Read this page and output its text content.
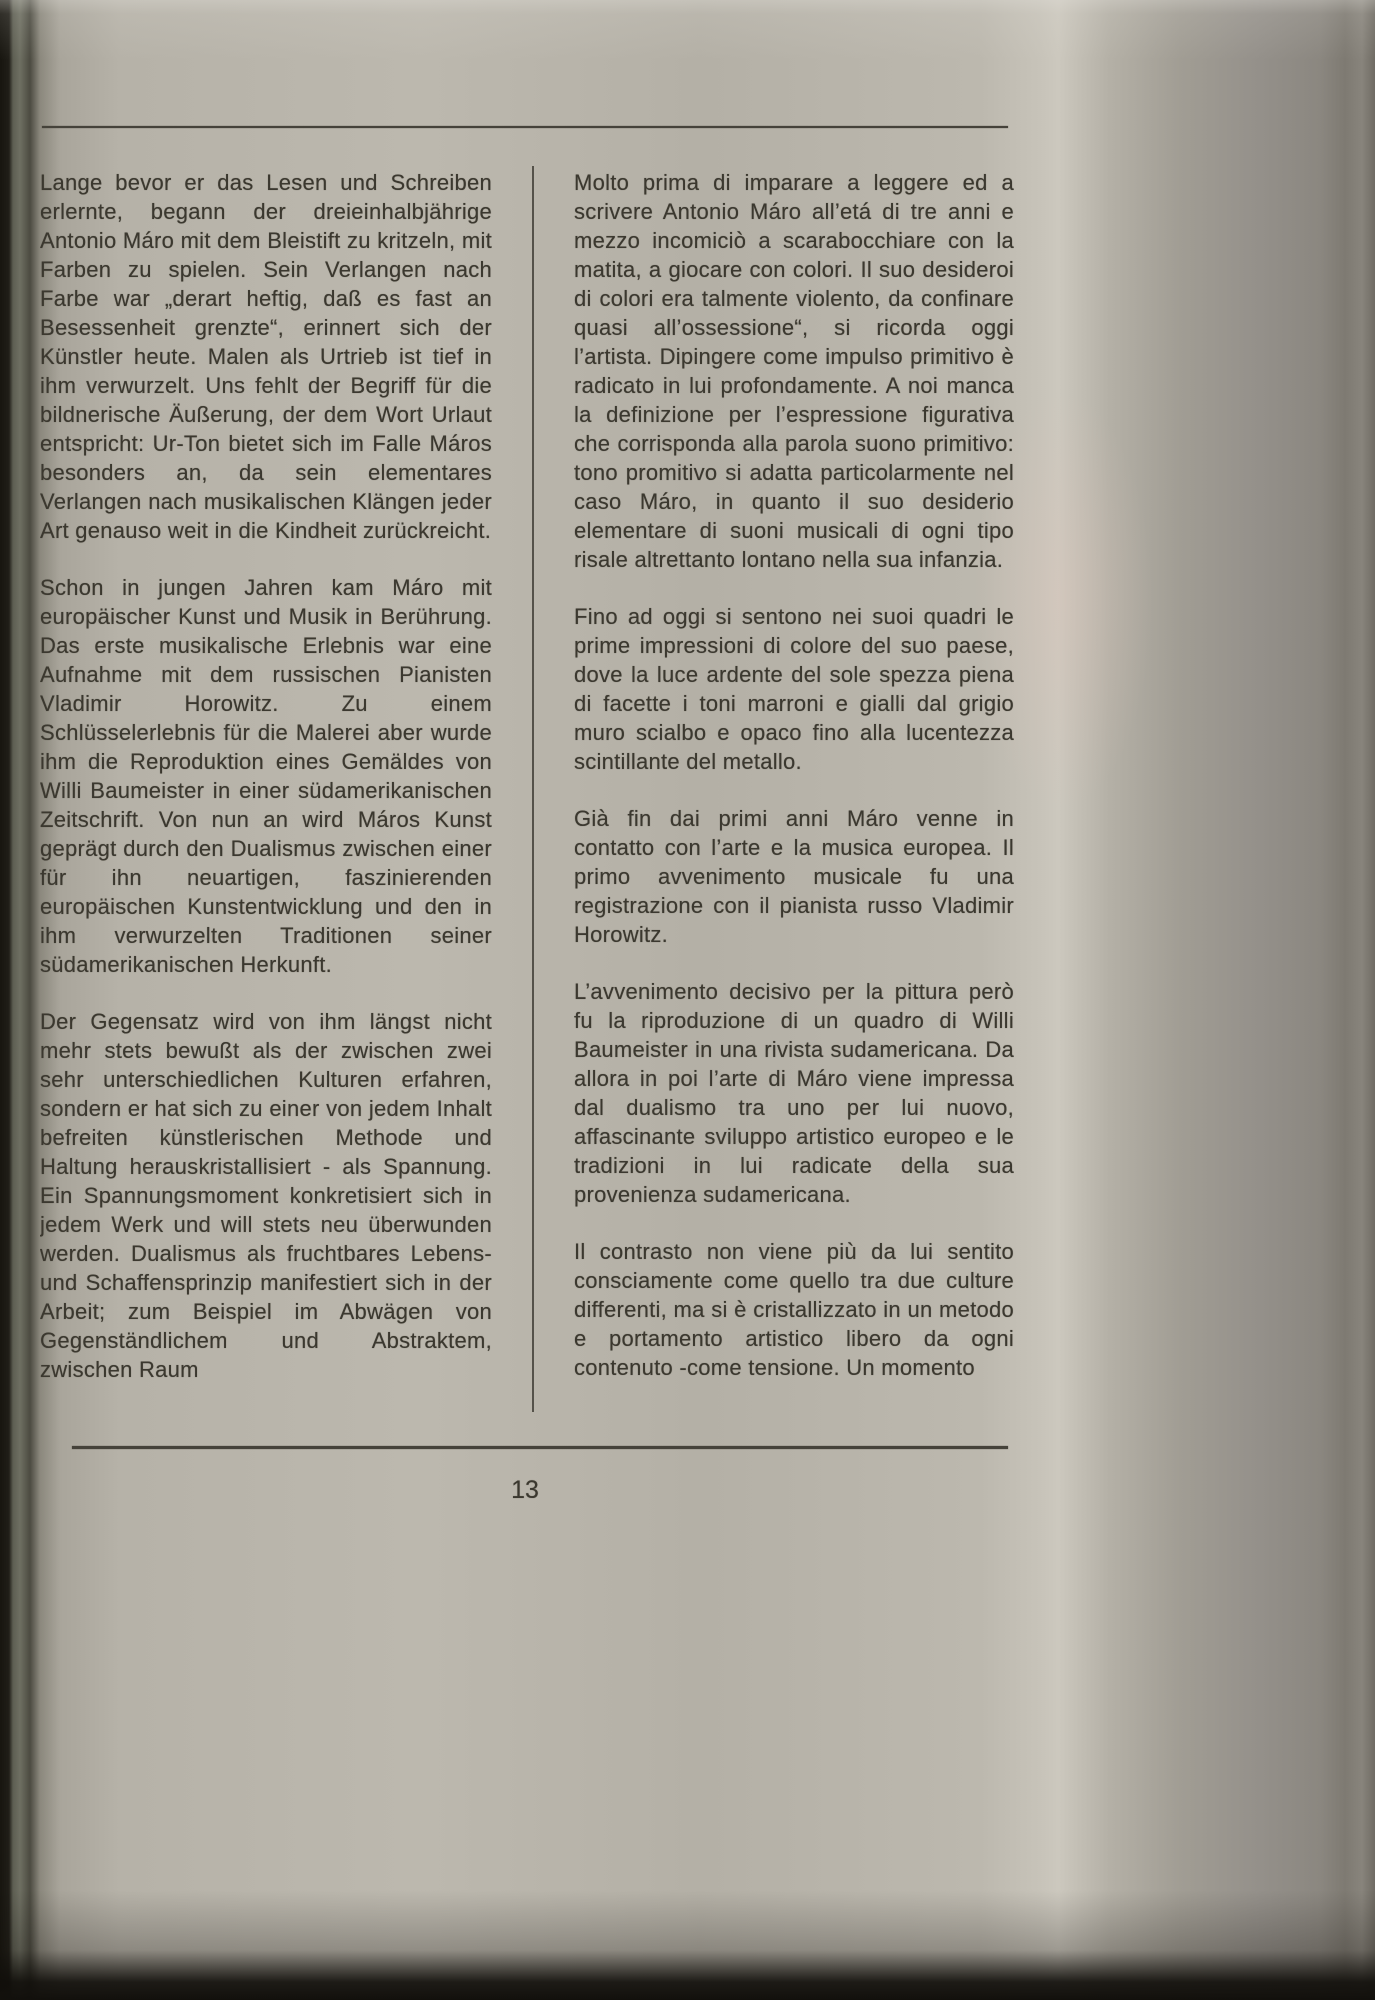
Lange bevor er das Lesen und Schreiben erlernte, begann der dreieinhalbjährige Antonio Máro mit dem Bleistift zu kritzeln, mit Farben zu spielen. Sein Verlangen nach Farbe war „derart heftig, daß es fast an Besessenheit grenzte“, erinnert sich der Künstler heute. Malen als Urtrieb ist tief in ihm verwurzelt. Uns fehlt der Begriff für die bildnerische Äußerung, der dem Wort Urlaut entspricht: Ur-Ton bietet sich im Falle Máros besonders an, da sein elementares Verlangen nach musikalischen Klängen jeder Art genauso weit in die Kindheit zurückreicht.

Schon in jungen Jahren kam Máro mit europäischer Kunst und Musik in Berührung. Das erste musikalische Erlebnis war eine Aufnahme mit dem russischen Pianisten Vladimir Horowitz. Zu einem Schlüsselerlebnis für die Malerei aber wurde ihm die Reproduktion eines Gemäldes von Willi Baumeister in einer südamerikanischen Zeitschrift. Von nun an wird Máros Kunst geprägt durch den Dualismus zwischen einer für ihn neuartigen, faszinierenden europäischen Kunstentwicklung und den in ihm verwurzelten Traditionen seiner südamerikanischen Herkunft.

Der Gegensatz wird von ihm längst nicht mehr stets bewußt als der zwischen zwei sehr unterschiedlichen Kulturen erfahren, sondern er hat sich zu einer von jedem Inhalt befreiten künstlerischen Methode und Haltung herauskristallisiert - als Spannung. Ein Spannungsmoment konkretisiert sich in jedem Werk und will stets neu überwunden werden. Dualismus als fruchtbares Lebens- und Schaffensprinzip manifestiert sich in der Arbeit; zum Beispiel im Abwägen von Gegenständlichem und Abstraktem, zwischen Raum

Molto prima di imparare a leggere ed a scrivere Antonio Máro all’etá di tre anni e mezzo incomiciò a scarabocchiare con la matita, a giocare con colori. Il suo desideroi di colori era talmente violento, da confinare quasi all’ossessione“, si ricorda oggi l’artista. Dipingere come impulso primitivo è radicato in lui profondamente. A noi manca la definizione per l’espressione figurativa che corrisponda alla parola suono primitivo: tono promitivo si adatta particolarmente nel caso Máro, in quanto il suo desiderio elementare di suoni musicali di ogni tipo risale altrettanto lontano nella sua infanzia.

Fino ad oggi si sentono nei suoi quadri le prime impressioni di colore del suo paese, dove la luce ardente del sole spezza piena di facette i toni marroni e gialli dal grigio muro scialbo e opaco fino alla lucentezza scintillante del metallo.

Già fin dai primi anni Máro venne in contatto con l’arte e la musica europea. Il primo avvenimento musicale fu una registrazione con il pianista russo Vladimir Horowitz.

L’avvenimento decisivo per la pittura però fu la riproduzione di un quadro di Willi Baumeister in una rivista sudamericana. Da allora in poi l’arte di Máro viene impressa dal dualismo tra uno per lui nuovo, affascinante sviluppo artistico europeo e le tradizioni in lui radicate della sua provenienza sudamericana.

Il contrasto non viene più da lui sentito consciamente come quello tra due culture differenti, ma si è cristallizzato in un metodo e portamento artistico libero da ogni contenuto -come tensione. Un momento

13
